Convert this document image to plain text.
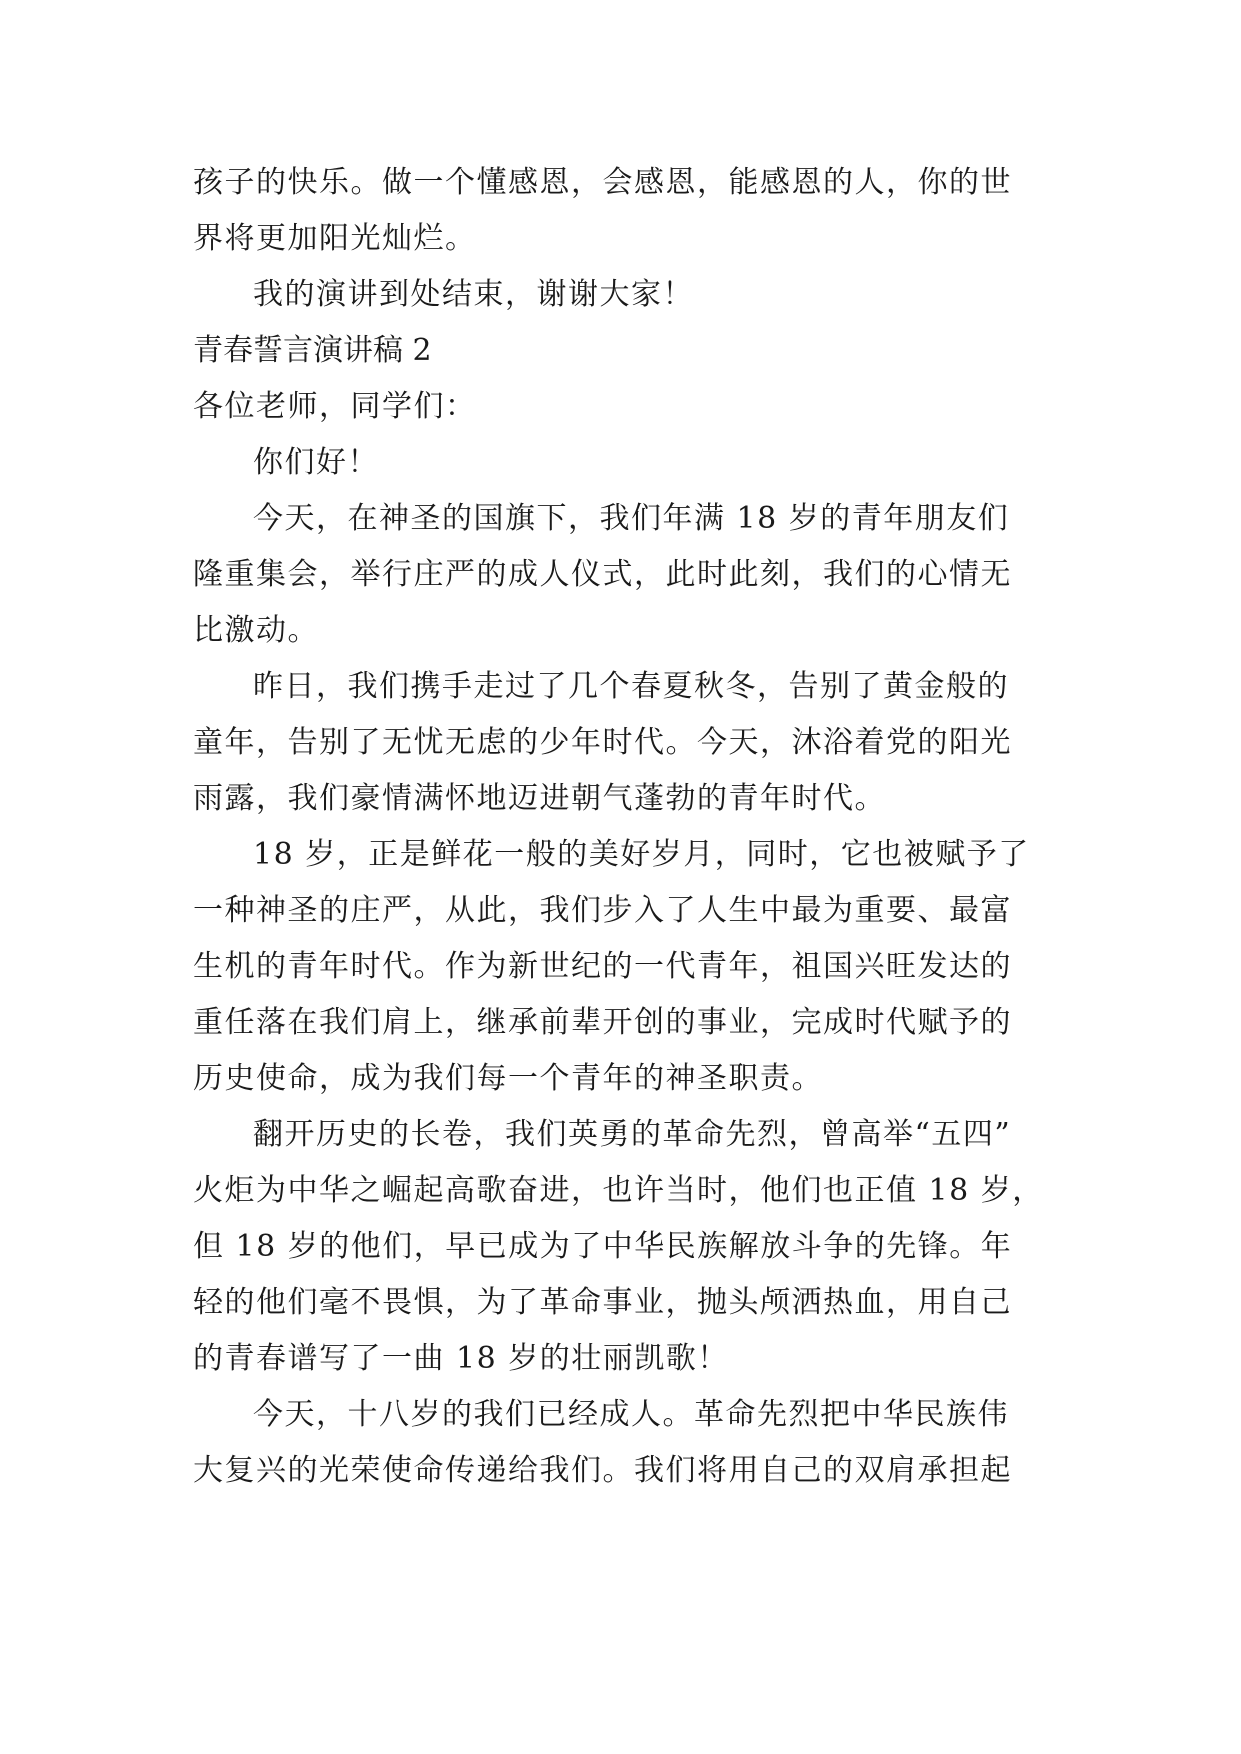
孩子的快乐。做一个懂感恩，会感恩，能感恩的人，你的世

界将更加阳光灿烂。

我的演讲到处结束，谢谢大家！

青春誓言演讲稿 2

各位老师，同学们：

你们好！

今天，在神圣的国旗下，我们年满 18 岁的青年朋友们

隆重集会，举行庄严的成人仪式，此时此刻，我们的心情无

比激动。

昨日，我们携手走过了几个春夏秋冬，告别了黄金般的

童年，告别了无忧无虑的少年时代。今天，沐浴着党的阳光

雨露，我们豪情满怀地迈进朝气蓬勃的青年时代。

18 岁，正是鲜花一般的美好岁月，同时，它也被赋予了

一种神圣的庄严，从此，我们步入了人生中最为重要、最富

生机的青年时代。作为新世纪的一代青年，祖国兴旺发达的

重任落在我们肩上，继承前辈开创的事业，完成时代赋予的

历史使命，成为我们每一个青年的神圣职责。

翻开历史的长卷，我们英勇的革命先烈，曾高举“五四”

火炬为中华之崛起高歌奋进，也许当时，他们也正值 18 岁，

但 18 岁的他们，早已成为了中华民族解放斗争的先锋。年

轻的他们毫不畏惧，为了革命事业，抛头颅洒热血，用自己

的青春谱写了一曲 18 岁的壮丽凯歌！

今天，十八岁的我们已经成人。革命先烈把中华民族伟

大复兴的光荣使命传递给我们。我们将用自己的双肩承担起
